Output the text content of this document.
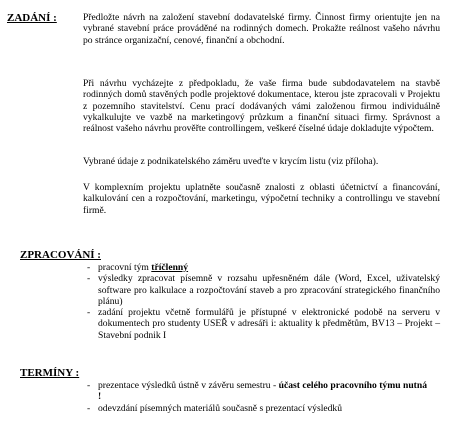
ZADÁNÍ :	Předložte návrh na založení stavební dodavatelské firmy. Činnost firmy orientujte jen na vybrané stavební práce prováděné na rodinných domech. Prokažte reálnost vašeho návrhu po stránce organizační, cenové, finanční a obchodní.
Při návrhu vycházejte z předpokladu, že vaše firma bude subdodavatelem na stavbě rodinných domů stavěných podle projektové dokumentace, kterou jste zpracovali v Projektu z pozemního stavitelství. Cenu prací dodávaných vámi založenou firmou individuálně vykalkulujte ve vazbě na marketingový průzkum a finanční situaci firmy. Správnost a reálnost vašeho návrhu prověřte controllingem, veškeré číselné údaje dokladujte výpočtem.
Vybrané údaje z podnikatelského záměru uveďte v krycím listu (viz příloha).
V komplexním projektu uplatněte současně znalosti z oblasti účetnictví a financování, kalkulování cen a rozpočtování, marketingu, výpočetní techniky a controllingu ve stavební firmě.
ZPRACOVÁNÍ :
- pracovní tým tříčlenný
- výsledky zpracovat písemně v rozsahu upřesněném dále (Word, Excel, uživatelský software pro kalkulace a rozpočtování staveb a pro zpracování strategického finančního plánu)
- zadání projektu včetně formulářů je přístupné v elektronické podobě na serveru v dokumentech pro studenty USEŘ v adresáři i: aktuality k předmětům, BV13 – Projekt – Stavební podnik I
TERMÍNY :
- prezentace výsledků ústně v závěru semestru - účast celého pracovního týmu nutná !
- odevzdání písemných materiálů současně s prezentací výsledků
